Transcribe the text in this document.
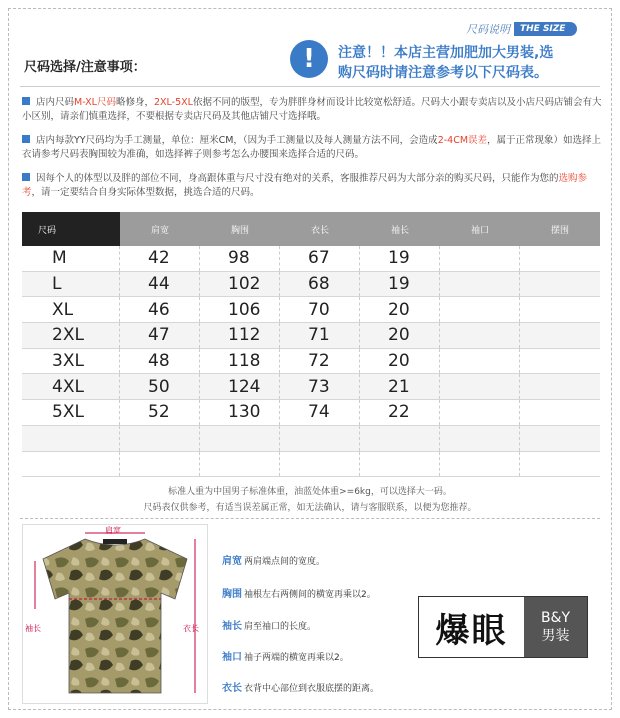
尺码说明	THE SIZE
尺码选择/注意事项：	!	注意！！本店主营加肥加大男装,选
购尺码时请注意参考以下尺码表。
店内尺码M-XL尺码略修身，2XL-5XL依据不同的版型，专为胖胖身材而设计比较宽松舒适。尺码大小跟专卖店以及小店尺码店铺会有大小区别，请亲们慎重选择，不要根据专卖店尺码及其他店铺尺寸选择哦。
店内每款YY尺码均为手工测量，单位：厘米CM，（因为手工测量以及每人测量方法不同，会造成2-4CM误差，属于正常现象）如选择上衣请参考尺码表胸围较为准确，如选择裤子则参考怎么办腰围来选择合适的尺码。
因每个人的体型以及胖的部位不同，身高跟体重与尺寸没有绝对的关系，客服推荐尺码为大部分亲的购买尺码，只能作为您的选购参考，请一定要结合自身实际体型数据，挑选合适的尺码。
尺码	肩宽	胸围	衣长	袖长	袖口	摆围
M	42	98	67	19
L	44	102	68	19
XL	46	106	70	20
2XL	47	112	71	20
3XL	48	118	72	20
4XL	50	124	73	21
5XL	52	130	74	22
标准人重为中国男子标准体重，油蓝处体重>=6kg，可以选择大一码。
尺码表仅供参考，有适当误差属正常，如无法确认，请与客服联系，以便为您推荐。
肩宽
袖长	衣长
肩宽 两肩端点间的宽度。
胸围 袖根左右两侧间的横宽再乘以2。
袖长 肩至袖口的长度。
袖口 袖子两端的横宽再乘以2。
衣长 衣背中心部位到衣服底摆的距离。
爆眼	B&Y
男装
